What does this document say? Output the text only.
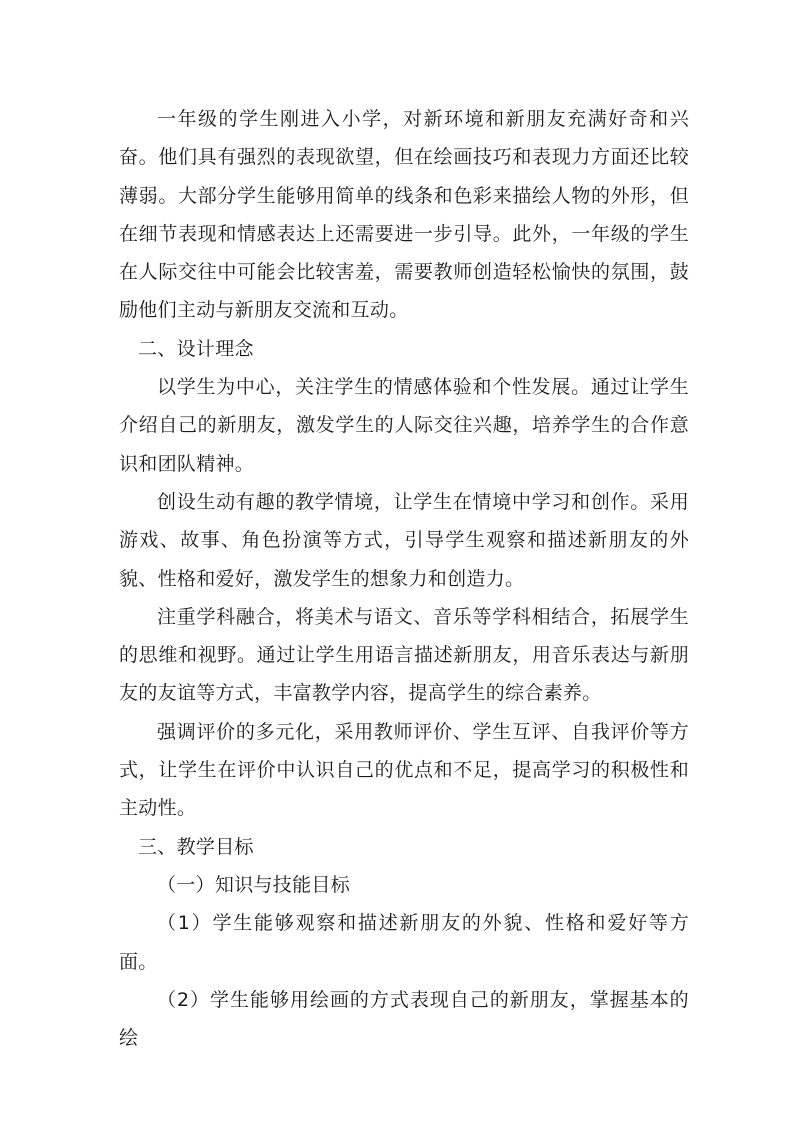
一年级的学生刚进入小学，对新环境和新朋友充满好奇和兴奋。他们具有强烈的表现欲望，但在绘画技巧和表现力方面还比较薄弱。大部分学生能够用简单的线条和色彩来描绘人物的外形，但在细节表现和情感表达上还需要进一步引导。此外，一年级的学生在人际交往中可能会比较害羞，需要教师创造轻松愉快的氛围，鼓励他们主动与新朋友交流和互动。

二、设计理念

以学生为中心，关注学生的情感体验和个性发展。通过让学生介绍自己的新朋友，激发学生的人际交往兴趣，培养学生的合作意识和团队精神。

创设生动有趣的教学情境，让学生在情境中学习和创作。采用游戏、故事、角色扮演等方式，引导学生观察和描述新朋友的外貌、性格和爱好，激发学生的想象力和创造力。

注重学科融合，将美术与语文、音乐等学科相结合，拓展学生的思维和视野。通过让学生用语言描述新朋友，用音乐表达与新朋友的友谊等方式，丰富教学内容，提高学生的综合素养。

强调评价的多元化，采用教师评价、学生互评、自我评价等方式，让学生在评价中认识自己的优点和不足，提高学习的积极性和主动性。

三、教学目标

（一）知识与技能目标

（1）学生能够观察和描述新朋友的外貌、性格和爱好等方面。

（2）学生能够用绘画的方式表现自己的新朋友，掌握基本的绘
